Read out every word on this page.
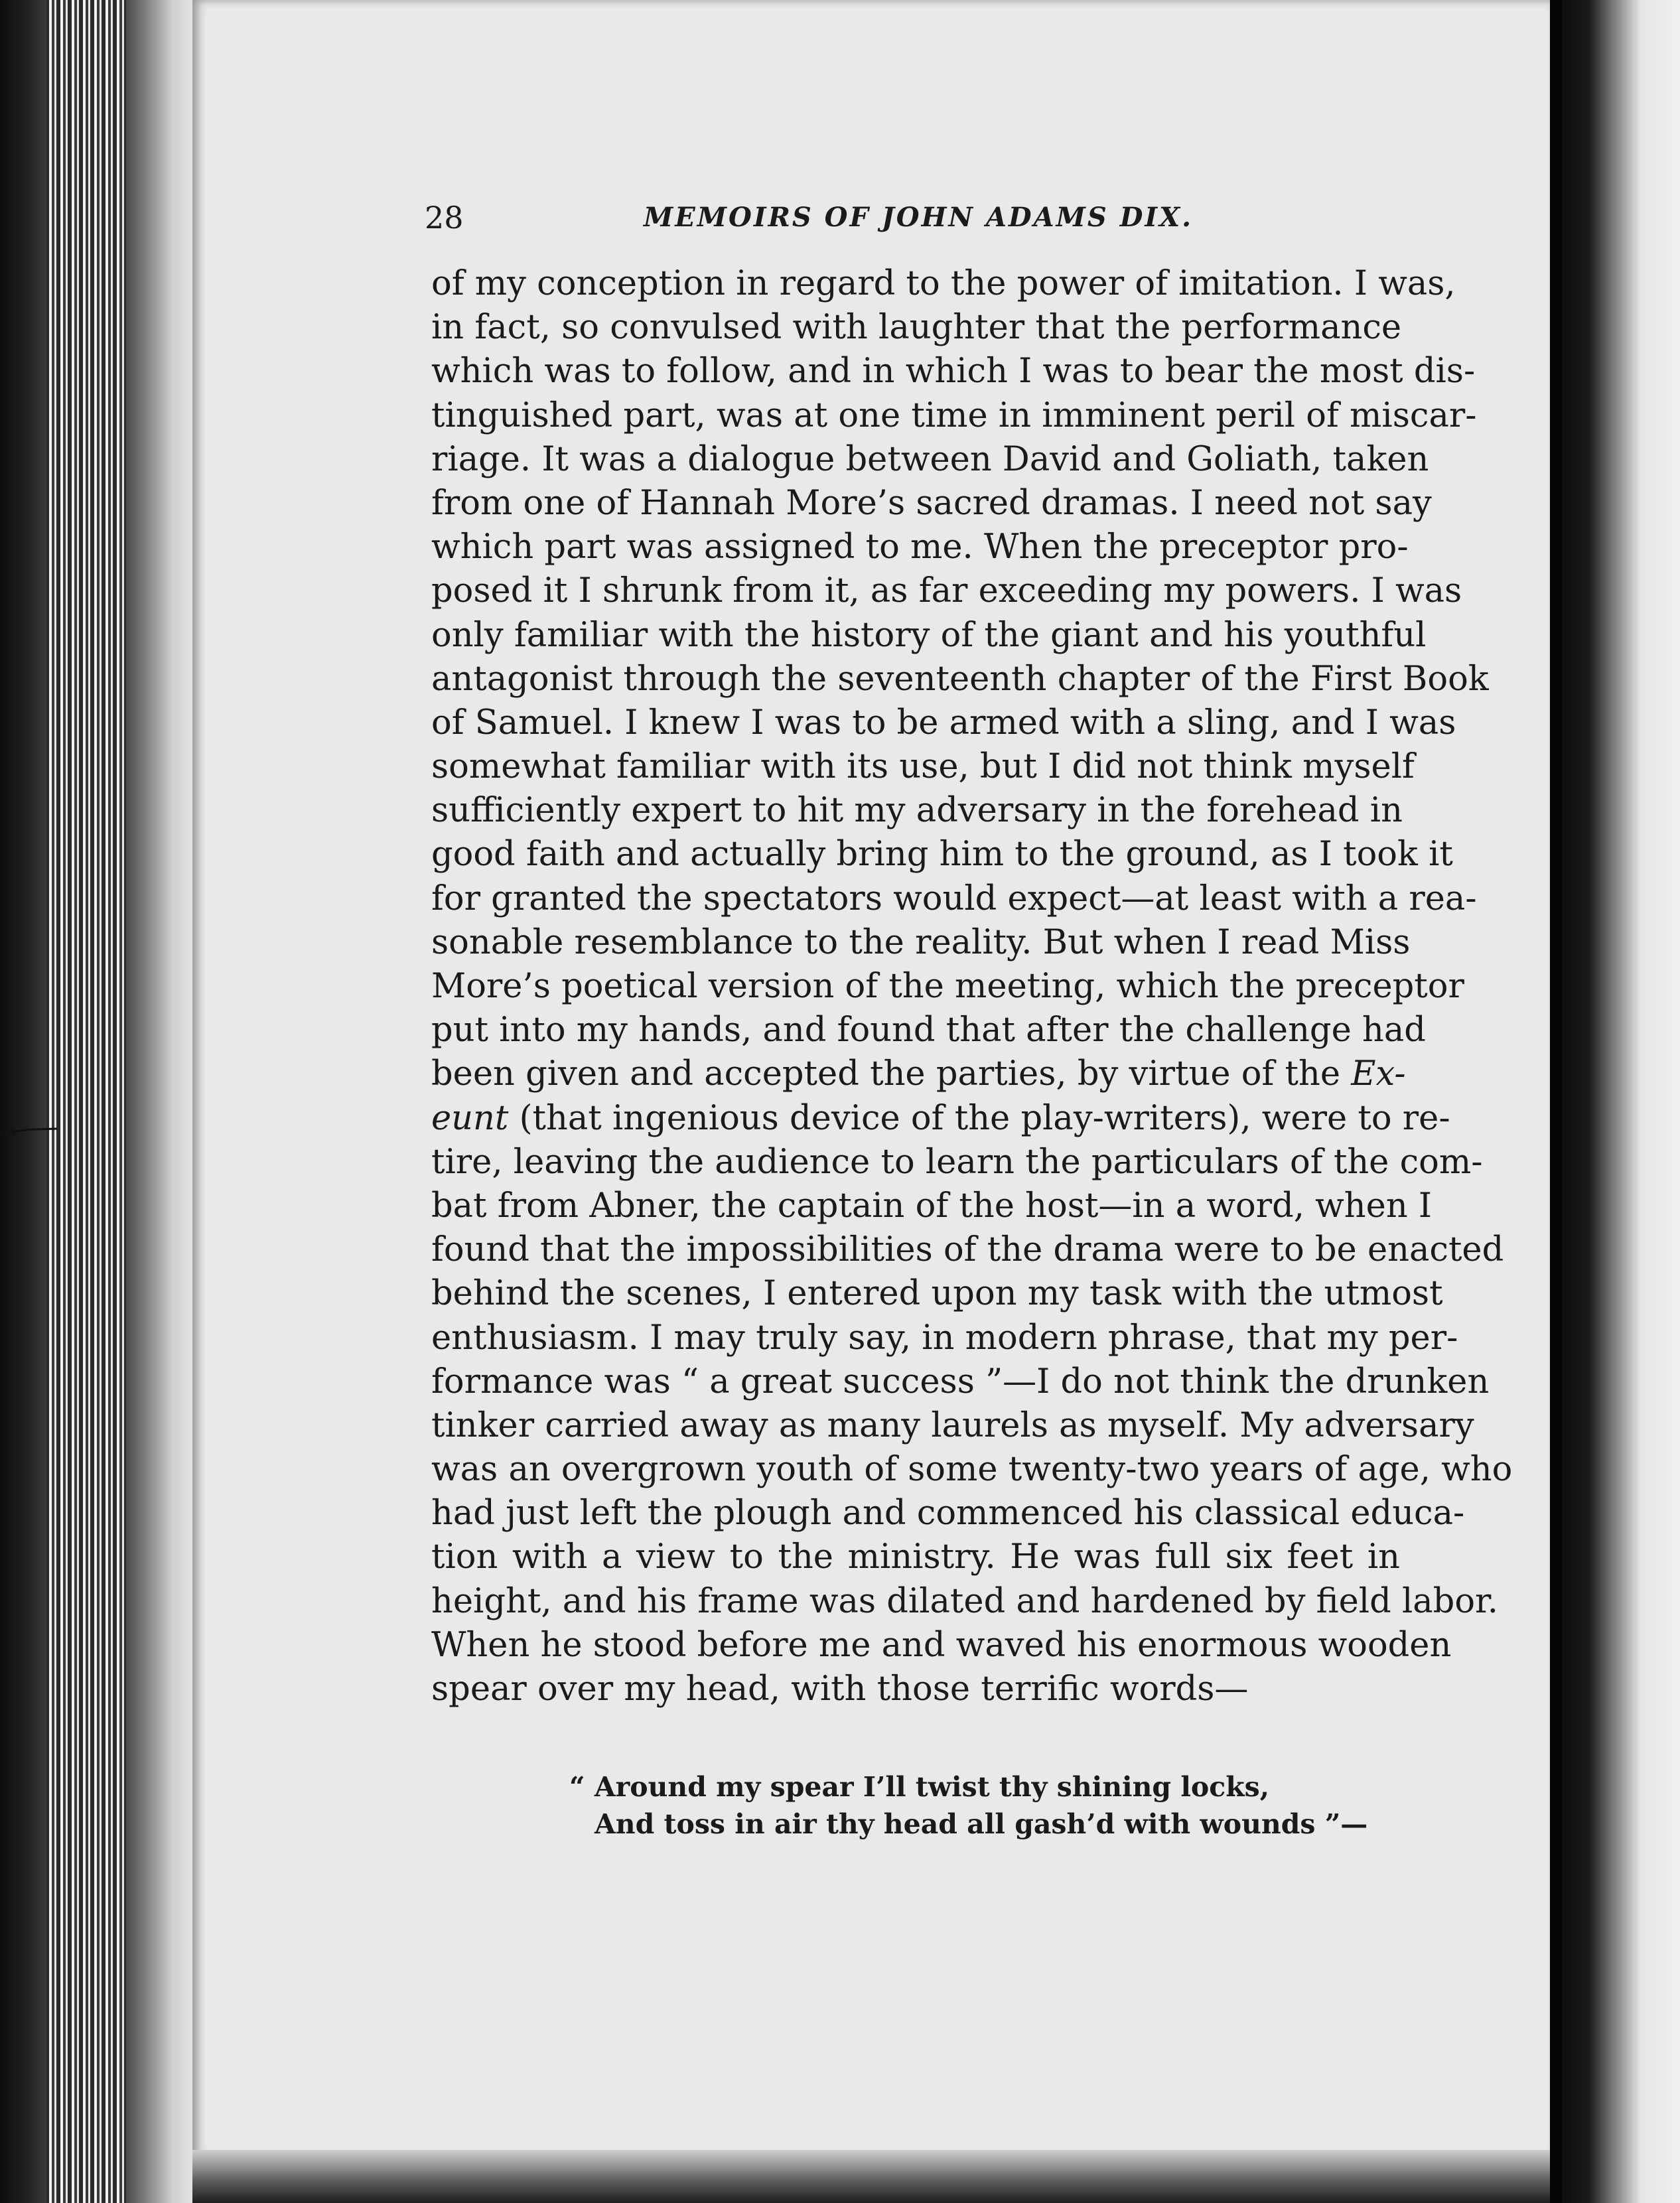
28	MEMOIRS OF JOHN ADAMS DIX.
of my conception in regard to the power of imitation. I was,
in fact, so convulsed with laughter that the performance
which was to follow, and in which I was to bear the most dis-
tinguished part, was at one time in imminent peril of miscar-
riage. It was a dialogue between David and Goliath, taken
from one of Hannah More’s sacred dramas. I need not say
which part was assigned to me. When the preceptor pro-
posed it I shrunk from it, as far exceeding my powers. I was
only familiar with the history of the giant and his youthful
antagonist through the seventeenth chapter of the First Book
of Samuel. I knew I was to be armed with a sling, and I was
somewhat familiar with its use, but I did not think myself
sufficiently expert to hit my adversary in the forehead in
good faith and actually bring him to the ground, as I took it
for granted the spectators would expect—at least with a rea-
sonable resemblance to the reality. But when I read Miss
More’s poetical version of the meeting, which the preceptor
put into my hands, and found that after the challenge had
been given and accepted the parties, by virtue of the Ex-
eunt (that ingenious device of the play-writers), were to re-
tire, leaving the audience to learn the particulars of the com-
bat from Abner, the captain of the host—in a word, when I
found that the impossibilities of the drama were to be enacted
behind the scenes, I entered upon my task with the utmost
enthusiasm. I may truly say, in modern phrase, that my per-
formance was “ a great success ”—I do not think the drunken
tinker carried away as many laurels as myself. My adversary
was an overgrown youth of some twenty-two years of age, who
had just left the plough and commenced his classical educa-
tion with a view to the ministry. He was full six feet in
height, and his frame was dilated and hardened by field labor.
When he stood before me and waved his enormous wooden
spear over my head, with those terrific words—
“ Around my spear I’ll twist thy shining locks,
And toss in air thy head all gash’d with wounds ”—
